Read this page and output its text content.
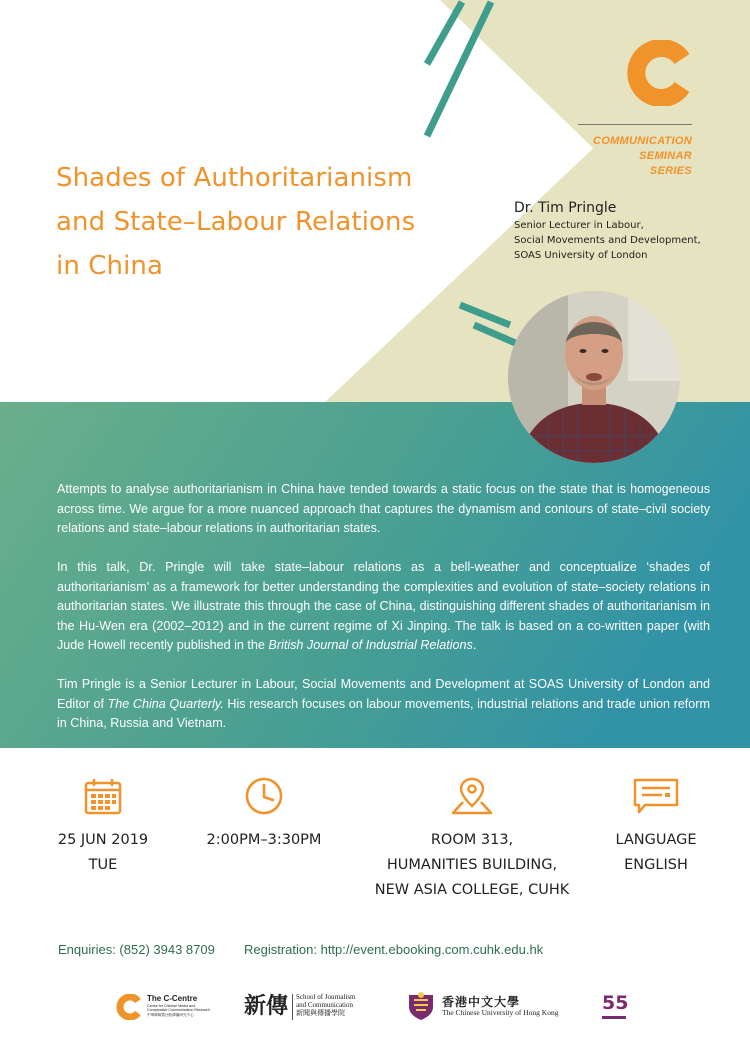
Shades of Authoritarianism
and State–Labour Relations
in China
COMMUNICATION
SEMINAR
SERIES
Dr. Tim Pringle
Senior Lecturer in Labour,
Social Movements and Development,
SOAS University of London

Attempts to analyse authoritarianism in China have tended towards a static focus on the state that is homogeneous across time. We argue for a more nuanced approach that captures the dynamism and contours of state–civil society relations and state–labour relations in authoritarian states.

In this talk, Dr. Pringle will take state–labour relations as a bell-weather and conceptualize ‘shades of authoritarianism’ as a framework for better understanding the complexities and evolution of state–society relations in authoritarian states. We illustrate this through the case of China, distinguishing different shades of authoritarianism in the Hu-Wen era (2002–2012) and in the current regime of Xi Jinping. The talk is based on a co-written paper (with Jude Howell recently published in the British Journal of Industrial Relations.

Tim Pringle is a Senior Lecturer in Labour, Social Movements and Development at SOAS University of London and Editor of The China Quarterly. His research focuses on labour movements, industrial relations and trade union reform in China, Russia and Vietnam.

25 JUN 2019
TUE
2:00PM–3:30PM	ROOM 313,
HUMANITIES BUILDING,
NEW ASIA COLLEGE, CUHK
LANGUAGE
ENGLISH
Enquiries: (852) 3943 8709 Registration: http://event.ebooking.com.cuhk.edu.hk
The C-Centre
Centre for Chinese Media and
Comparative Communication Research
中華傳媒暨比較傳播研究中心	新傳 School of Journalism
and Communication
新聞與傳播學院
香港中文大學
The Chinese University of Hong Kong 55
